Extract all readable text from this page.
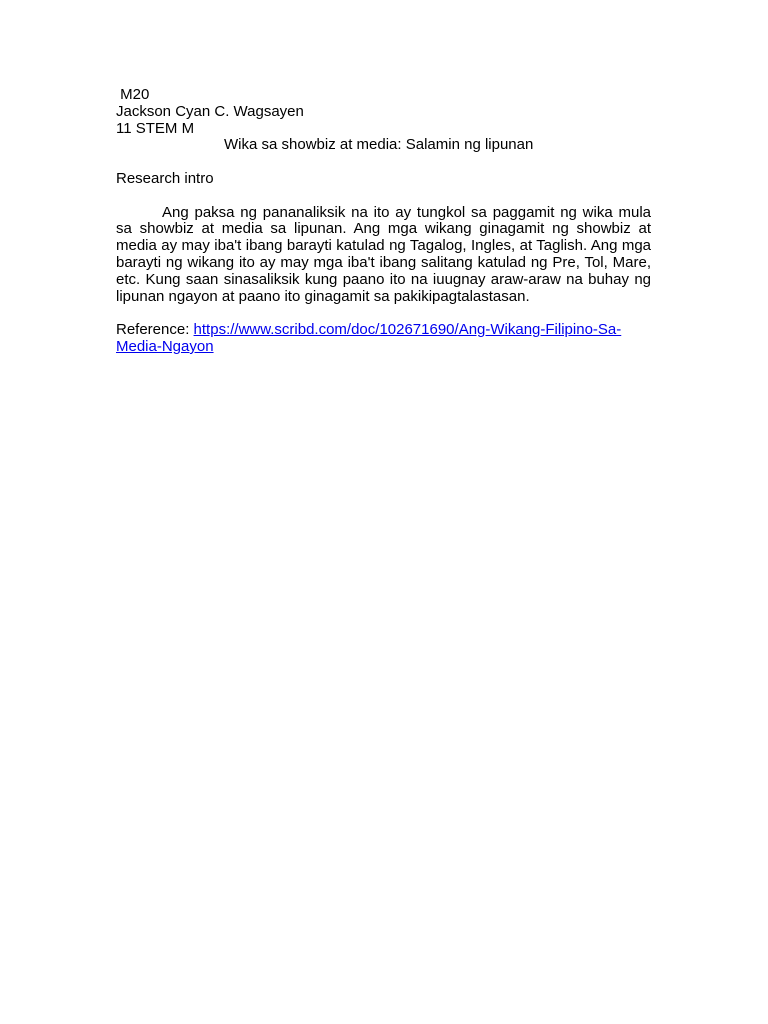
M20
Jackson Cyan C. Wagsayen
11 STEM M
Wika sa showbiz at media: Salamin ng lipunan
Research intro

Ang paksa ng pananaliksik na ito ay tungkol sa paggamit ng wika mula sa showbiz at media sa lipunan. Ang mga wikang ginagamit ng showbiz at media ay may iba't ibang barayti katulad ng Tagalog, Ingles, at Taglish. Ang mga barayti ng wikang ito ay may mga iba't ibang salitang katulad ng Pre, Tol, Mare, etc. Kung saan sinasaliksik kung paano ito na iuugnay araw-araw na buhay ng lipunan ngayon at paano ito ginagamit sa pakikipagtalastasan.

Reference: https://www.scribd.com/doc/102671690/Ang-Wikang-Filipino-Sa-Media-Ngayon
